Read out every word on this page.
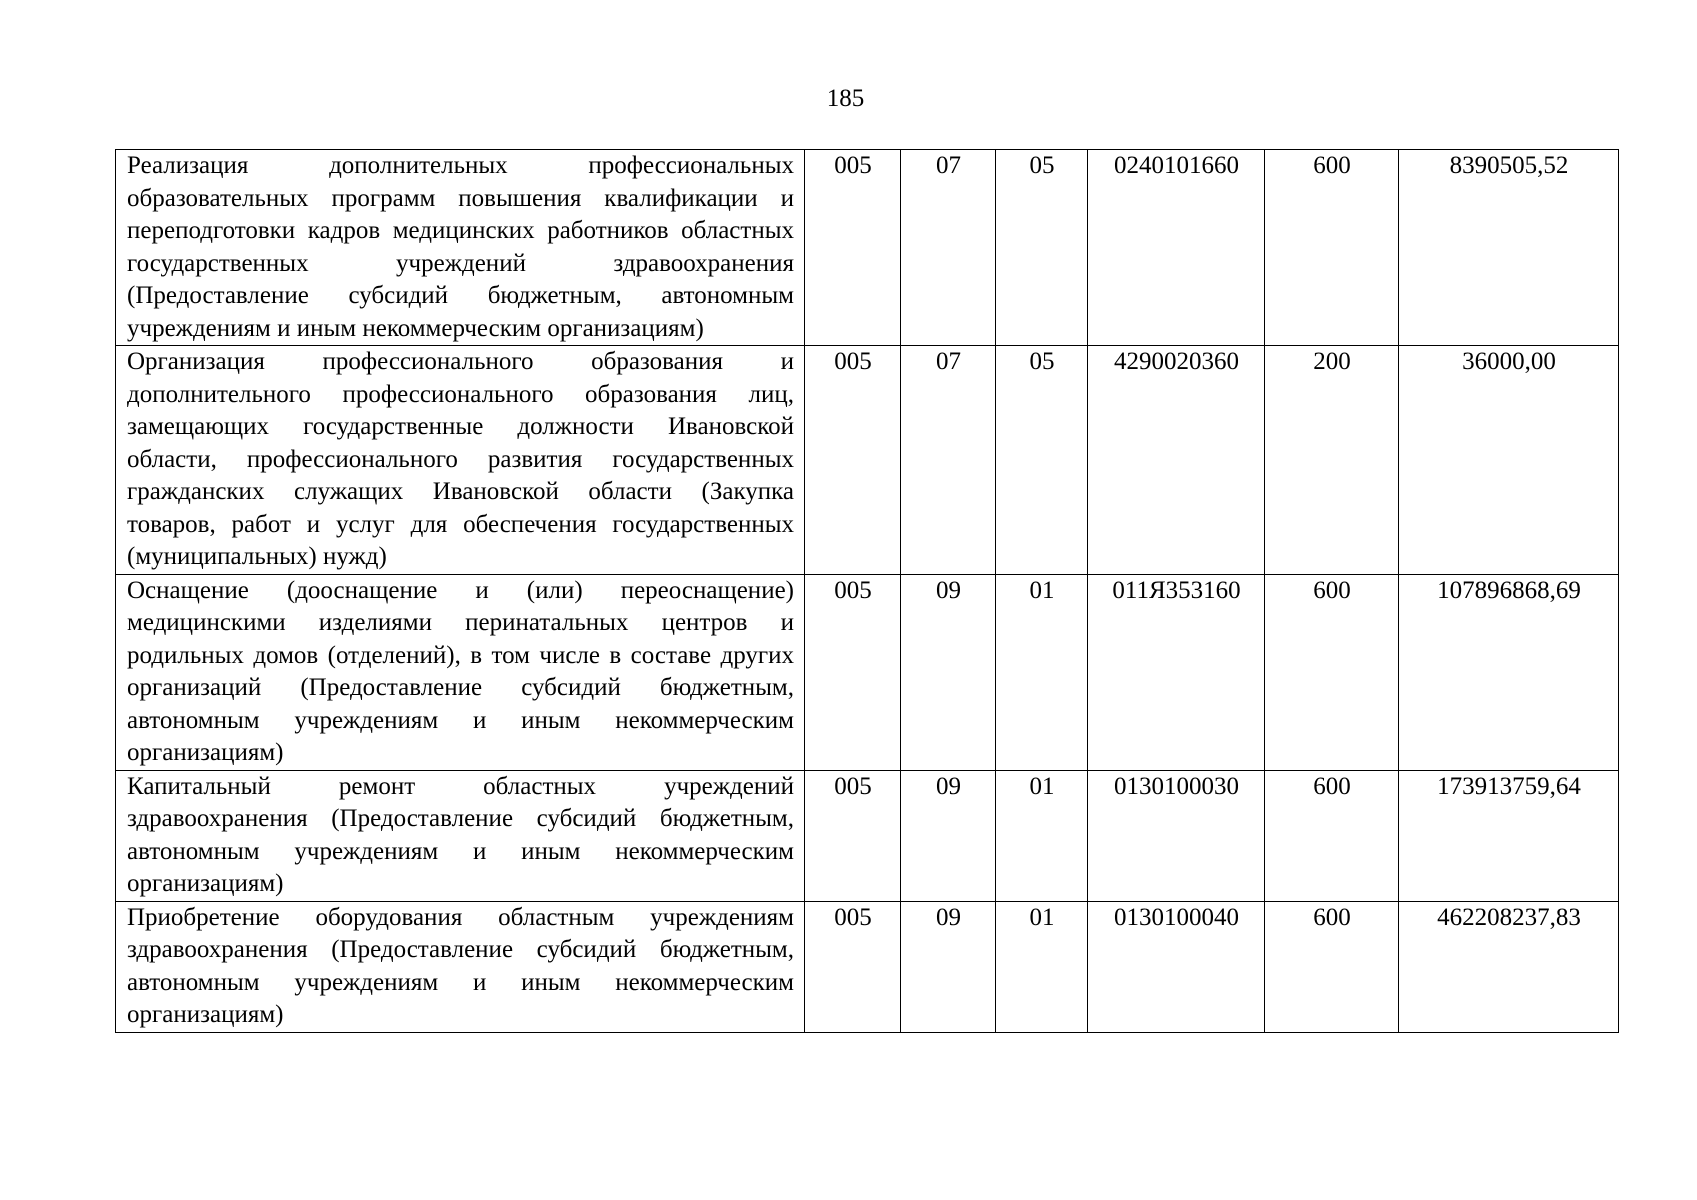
185
Реализация дополнительных профессиональных образовательных программ повышения квалификации и переподготовки кадров медицинских работников областных государственных учреждений здравоохранения (Предоставление субсидий бюджетным, автономным учреждениям и иным некоммерческим организациям)	005	07	05	0240101660	600	8390505,52
Организация профессионального образования и дополнительного профессионального образования лиц, замещающих государственные должности Ивановской области, профессионального развития государственных гражданских служащих Ивановской области (Закупка товаров, работ и услуг для обеспечения государственных (муниципальных) нужд)	005	07	05	4290020360	200	36000,00
Оснащение (дооснащение и (или) переоснащение) медицинскими изделиями перинатальных центров и родильных домов (отделений), в том числе в составе других организаций (Предоставление субсидий бюджетным, автономным учреждениям и иным некоммерческим организациям)	005	09	01	011Я353160	600	107896868,69
Капитальный ремонт областных учреждений здравоохранения (Предоставление субсидий бюджетным, автономным учреждениям и иным некоммерческим организациям)	005	09	01	0130100030	600	173913759,64
Приобретение оборудования областным учреждениям здравоохранения (Предоставление субсидий бюджетным, автономным учреждениям и иным некоммерческим организациям)	005	09	01	0130100040	600	462208237,83
